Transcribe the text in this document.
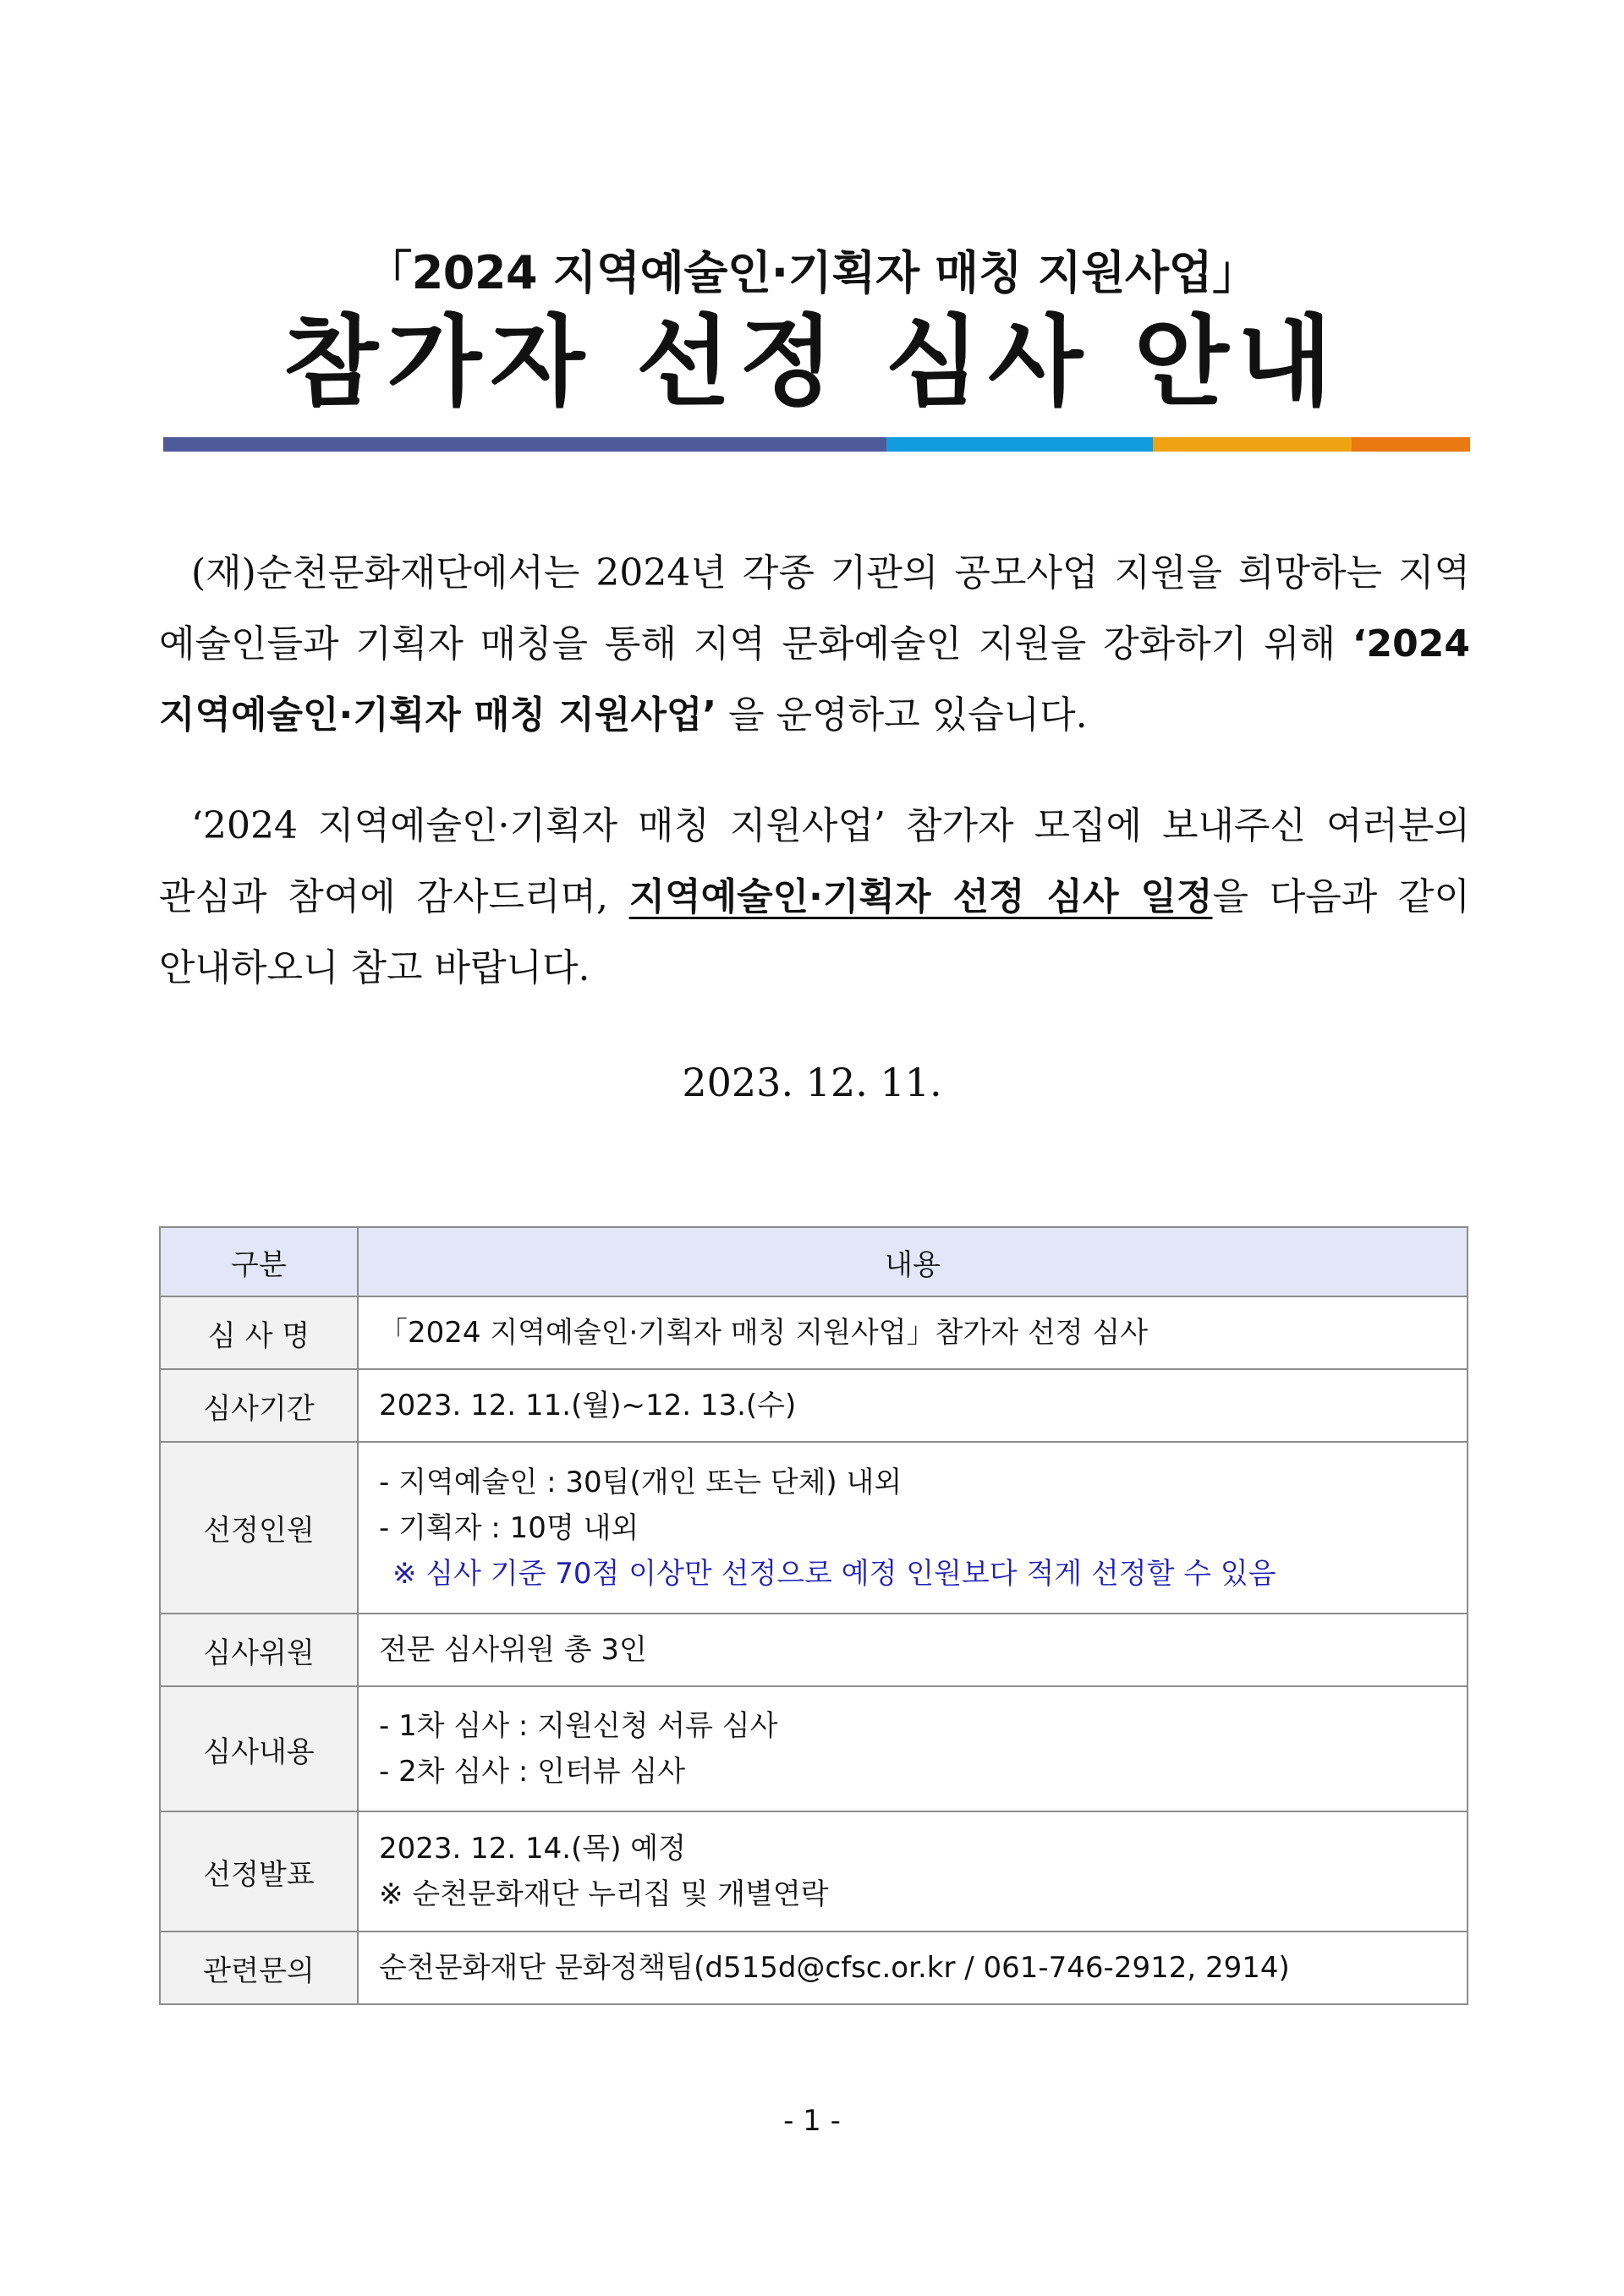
「2024 지역예술인·기획자 매칭 지원사업」
참가자 선정 심사 안내
(재)순천문화재단에서는 2024년 각종 기관의 공모사업 지원을 희망하는 지역
예술인들과 기획자 매칭을 통해 지역 문화예술인 지원을 강화하기 위해 ‘2024
지역예술인·기획자 매칭 지원사업’ 을 운영하고 있습니다.
‘2024 지역예술인·기획자 매칭 지원사업’ 참가자 모집에 보내주신 여러분의
관심과 참여에 감사드리며, 지역예술인·기획자 선정 심사 일정을 다음과 같이
안내하오니 참고 바랍니다.
2023. 12. 11.
구분	내용
심 사 명	「2024 지역예술인·기획자 매칭 지원사업」참가자 선정 심사

심사기간	2023. 12. 11.(월)~12. 13.(수)

선정인원	- 지역예술인 : 30팀(개인 또는 단체) 내외
- 기획자 : 10명 내외
※ 심사 기준 70점 이상만 선정으로 예정 인원보다 적게 선정할 수 있음

심사위원	전문 심사위원 총 3인

심사내용	- 1차 심사 : 지원신청 서류 심사
- 2차 심사 : 인터뷰 심사

선정발표	2023. 12. 14.(목) 예정
※ 순천문화재단 누리집 및 개별연락

관련문의	순천문화재단 문화정책팀(d515d@cfsc.or.kr / 061-746-2912, 2914)
- 1 -
